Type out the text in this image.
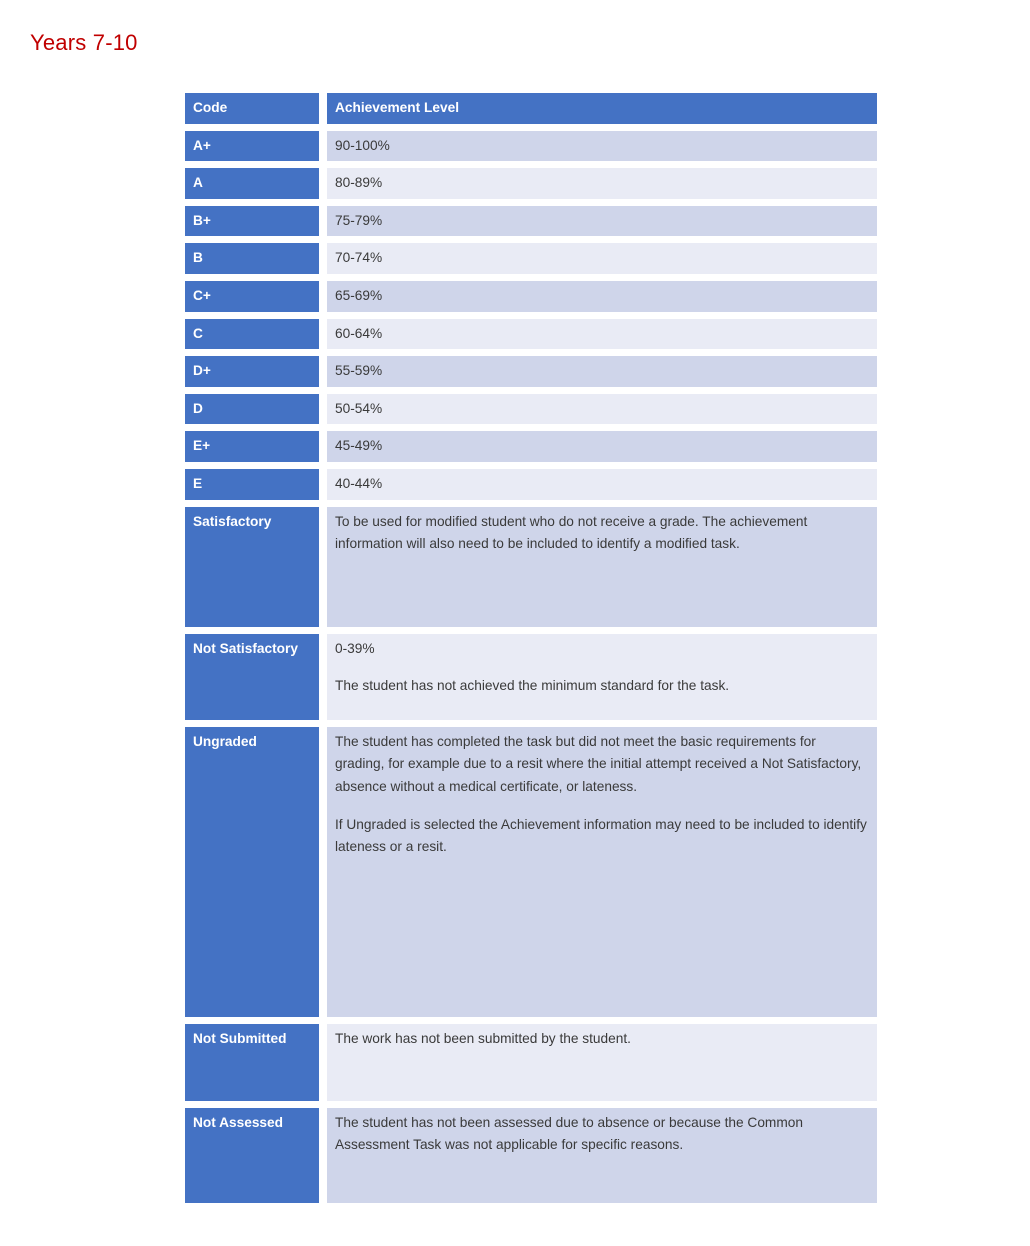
Years 7-10
Code	Achievement Level
A+	90-100%

A	80-89%

B+	75-79%

B	70-74%

C+	65-69%

C	60-64%

D+	55-59%

D	50-54%

E+	45-49%

E	40-44%

Satisfactory	To be used for modified student who do not receive a grade. The achievement information will also need to be included to identify a modified task.

Not Satisfactory	0-39%

The student has not achieved the minimum standard for the task.

Ungraded	The student has completed the task but did not meet the basic requirements for grading, for example due to a resit where the initial attempt received a Not Satisfactory, absence without a medical certificate, or lateness.

If Ungraded is selected the Achievement information may need to be included to identify lateness or a resit.

Not Submitted	The work has not been submitted by the student.

Not Assessed	The student has not been assessed due to absence or because the Common Assessment Task was not applicable for specific reasons.
